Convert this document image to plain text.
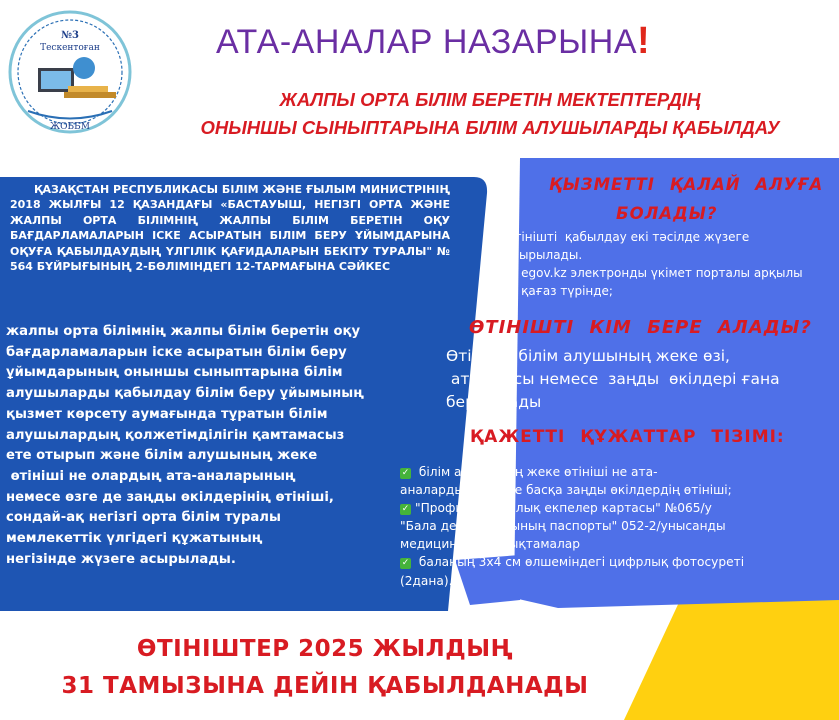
№3
Тескентоған
ЖОББМ
АТА-АНАЛАР НАЗАРЫНА!
ЖАЛПЫ ОРТА БІЛІМ БЕРЕТІН МЕКТЕПТЕРДІҢ
ОНЫНШЫ СЫНЫПТАРЫНА БІЛІМ АЛУШЫЛАРДЫ ҚАБЫЛДАУ
ҚАЗАҚСТАН РЕСПУБЛИКАСЫ БІЛІМ ЖӘНЕ ҒЫЛЫМ МИНИСТРІНІҢ 2018 ЖЫЛҒЫ 12 ҚАЗАНДАҒЫ «БАСТАУЫШ, НЕГІЗГІ ОРТА ЖӘНЕ ЖАЛПЫ ОРТА БІЛІМНІҢ ЖАЛПЫ БІЛІМ БЕРЕТІН ОҚУ БАҒДАРЛАМАЛАРЫН ІСКЕ АСЫРАТЫН БІЛІМ БЕРУ ҰЙЫМДАРЫНА ОҚУҒА ҚАБЫЛДАУДЫҢ ҮЛГІЛІК ҚАҒИДАЛАРЫН БЕКІТУ ТУРАЛЫ" № 564 БҰЙРЫҒЫНЫҢ 2-БӨЛІМІНДЕГІ 12-ТАРМАҒЫНА СӘЙКЕС
жалпы орта білімнің жалпы білім беретін оқу
бағдарламаларын іске асыратын білім беру
ұйымдарының оныншы сыныптарына білім
алушыларды қабылдау білім беру ұйымының
қызмет көрсету аумағында тұратын білім
алушылардың қолжетімділігін қамтамасыз
ете отырып және білім алушының жеке
өтініші не олардың ата-аналарының
немесе өзге де заңды өкілдерінің өтініші,
сондай-ақ негізгі орта білім туралы
мемлекеттік үлгідегі құжатының
негізінде жүзеге асырылады.
ҚЫЗМЕТТІ ҚАЛАЙ АЛУҒА
БОЛАДЫ?
Өтінішті  қабылдау екі тәсілде жүзеге
асырылады.
1) egov.kz электронды үкімет порталы арқылы
2) қағаз түрінде;
ӨТІНІШТІ КІМ БЕРЕ АЛАДЫ?
Өтінішті білім алушының жеке өзі,
ата-анасы немесе  заңды  өкілдері ғана
бере алады
ҚАЖЕТТІ ҚҰЖАТТАР ТІЗІМІ:
✓ білім алушының жеке өтініші не ата-
аналардың немесе басқа заңды өкілдердің өтініші;
✓ "Профилактикалық екпелер картасы" №065/у
"Бала денсаулығының паспорты" 052-2/унысанды
медициналық анықтамалар
✓ баланың 3х4 см өлшеміндегі цифрлық фотосуреті
(2дана).
ӨТІНІШТЕР 2025 ЖЫЛДЫҢ
31 ТАМЫЗЫНА ДЕЙІН ҚАБЫЛДАНАДЫ
